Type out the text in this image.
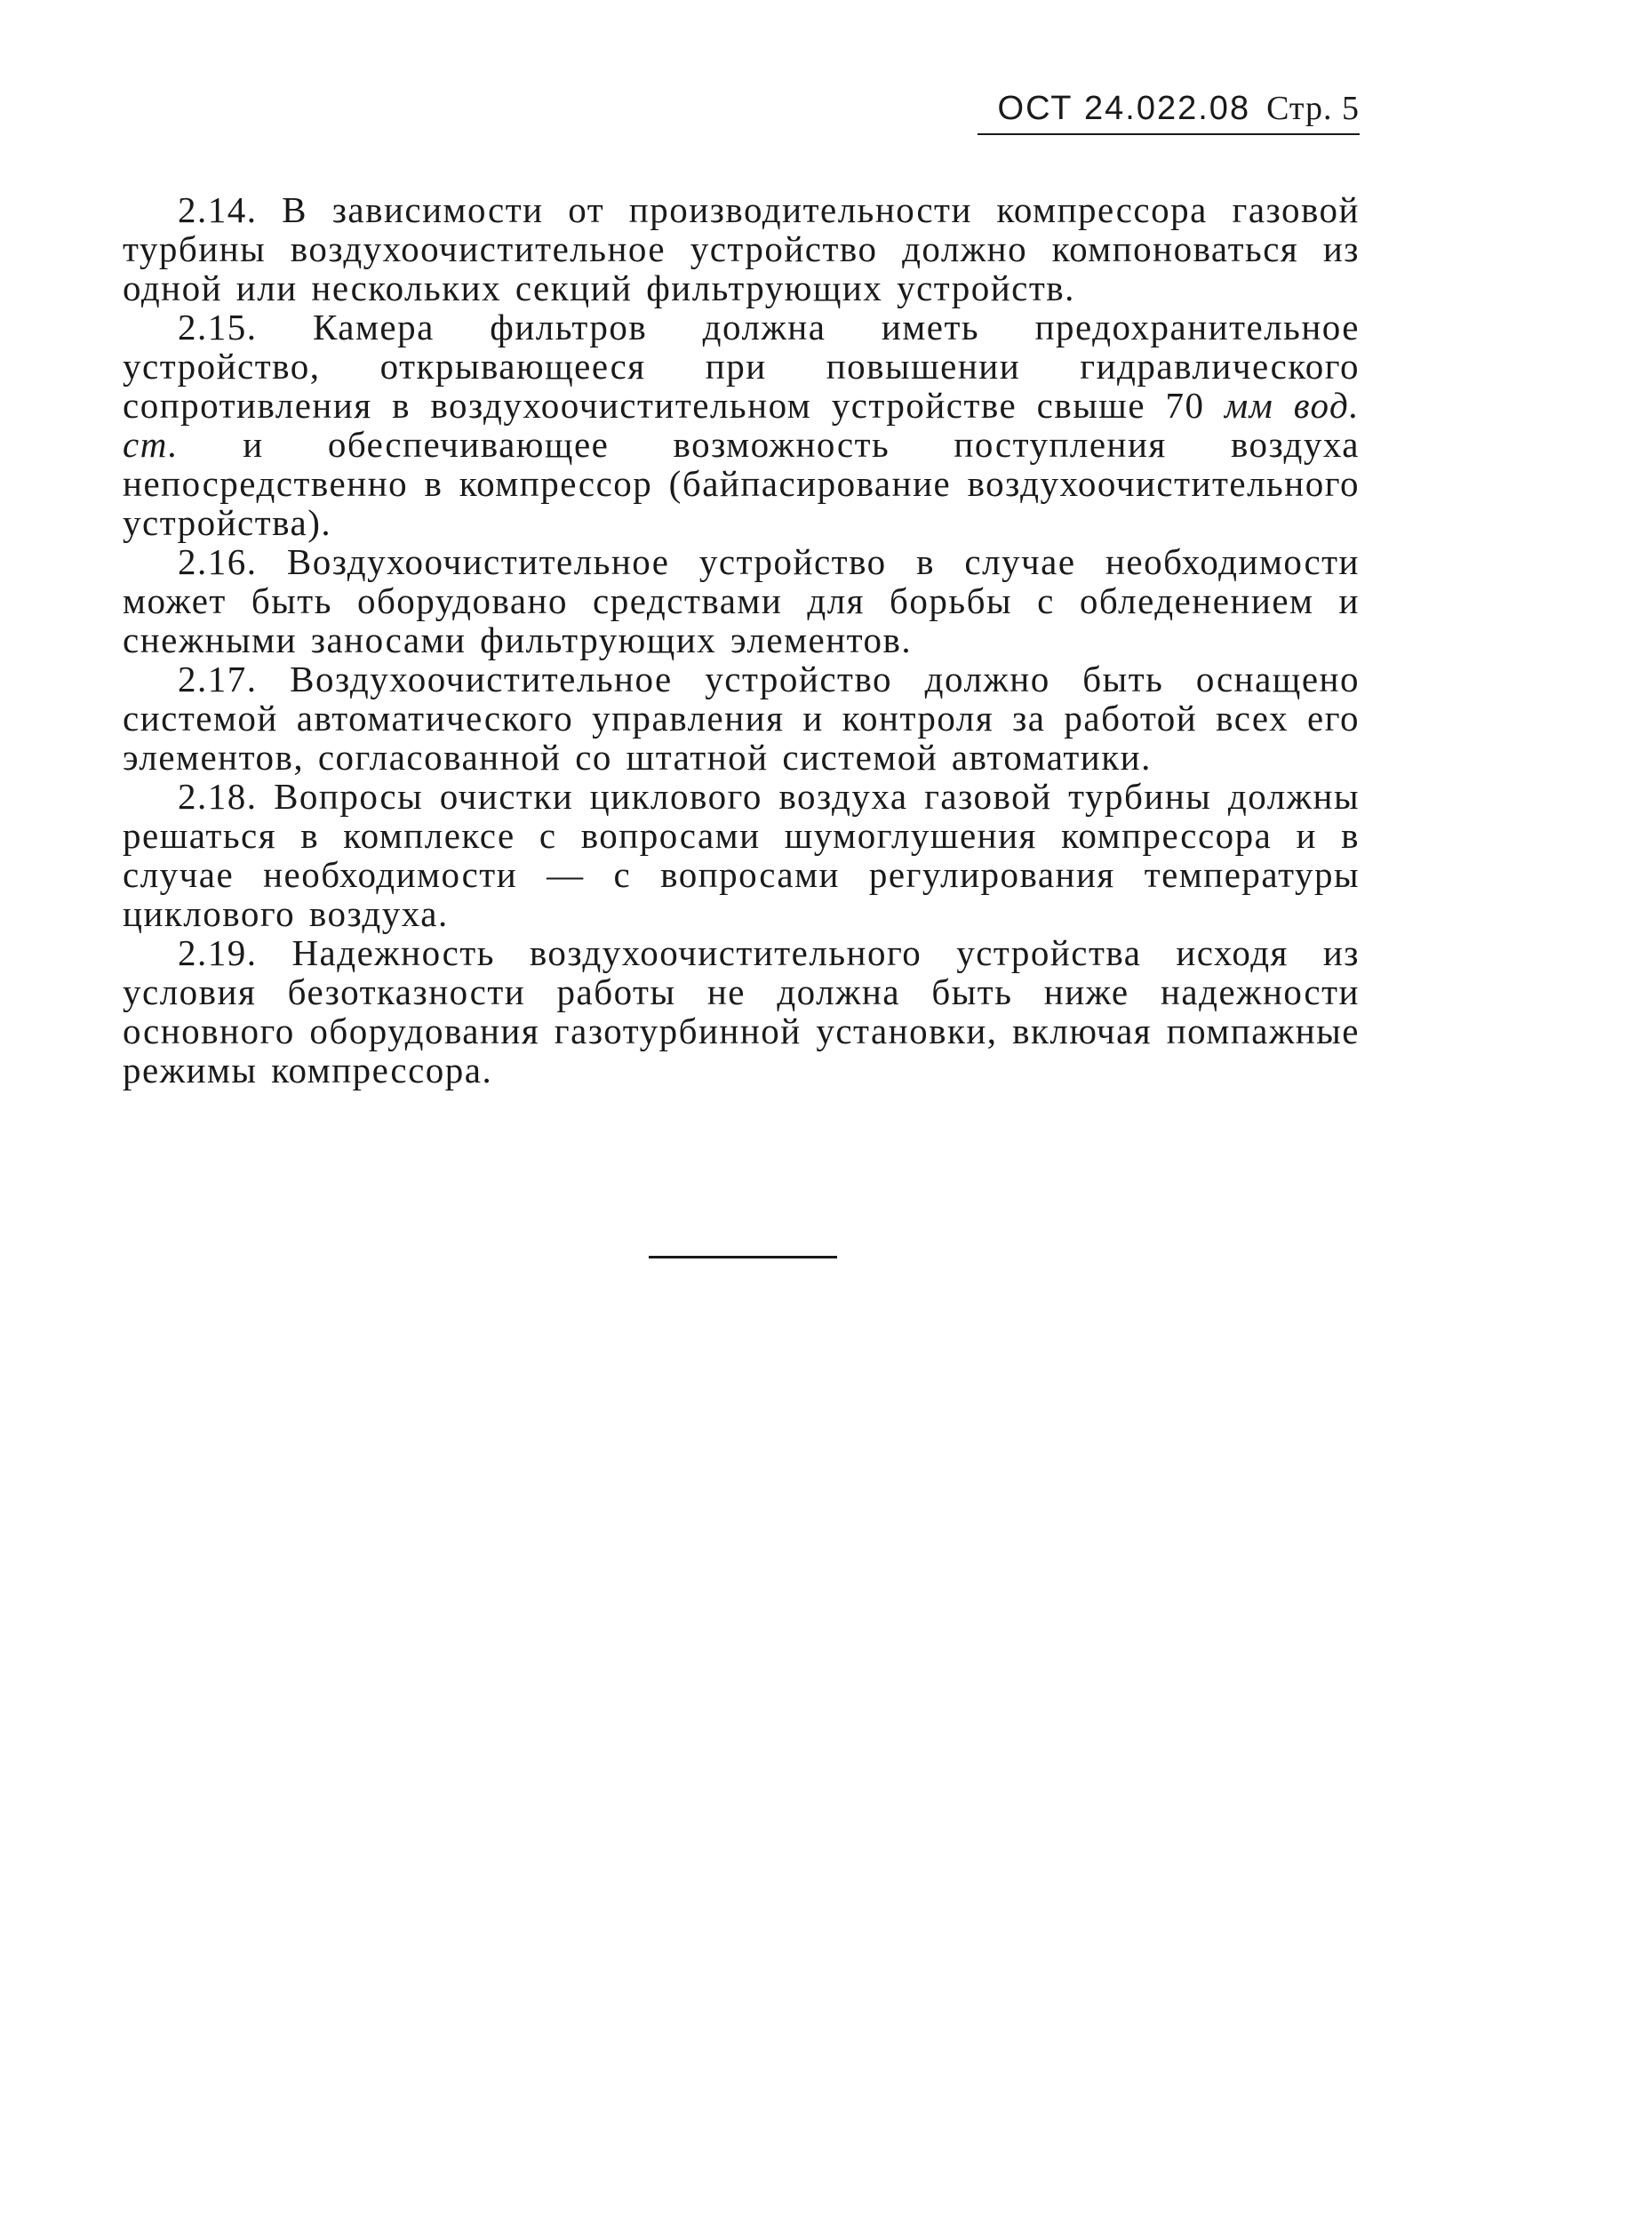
ОСТ 24.022.08 Стр. 5

2.14. В зависимости от производительности компрессора газовой турбины воздухоочистительное устройство должно компоноваться из одной или нескольких секций фильтрующих устройств.

2.15. Камера фильтров должна иметь предохранительное устройство, открывающееся при повышении гидравлического сопротивления в воздухоочистительном устройстве свыше 70 мм вод. ст. и обеспечивающее возможность поступления воздуха непосредственно в компрессор (байпасирование воздухоочистительного устройства).

2.16. Воздухоочистительное устройство в случае необходимости может быть оборудовано средствами для борьбы с обледенением и снежными заносами фильтрующих элементов.

2.17. Воздухоочистительное устройство должно быть оснащено системой автоматического управления и контроля за работой всех его элементов, согласованной со штатной системой автоматики.

2.18. Вопросы очистки циклового воздуха газовой турбины должны решаться в комплексе с вопросами шумоглушения компрессора и в случае необходимости — с вопросами регулирования температуры циклового воздуха.

2.19. Надежность воздухоочистительного устройства исходя из условия безотказности работы не должна быть ниже надежности основного оборудования газотурбинной установки, включая помпажные режимы компрессора.
